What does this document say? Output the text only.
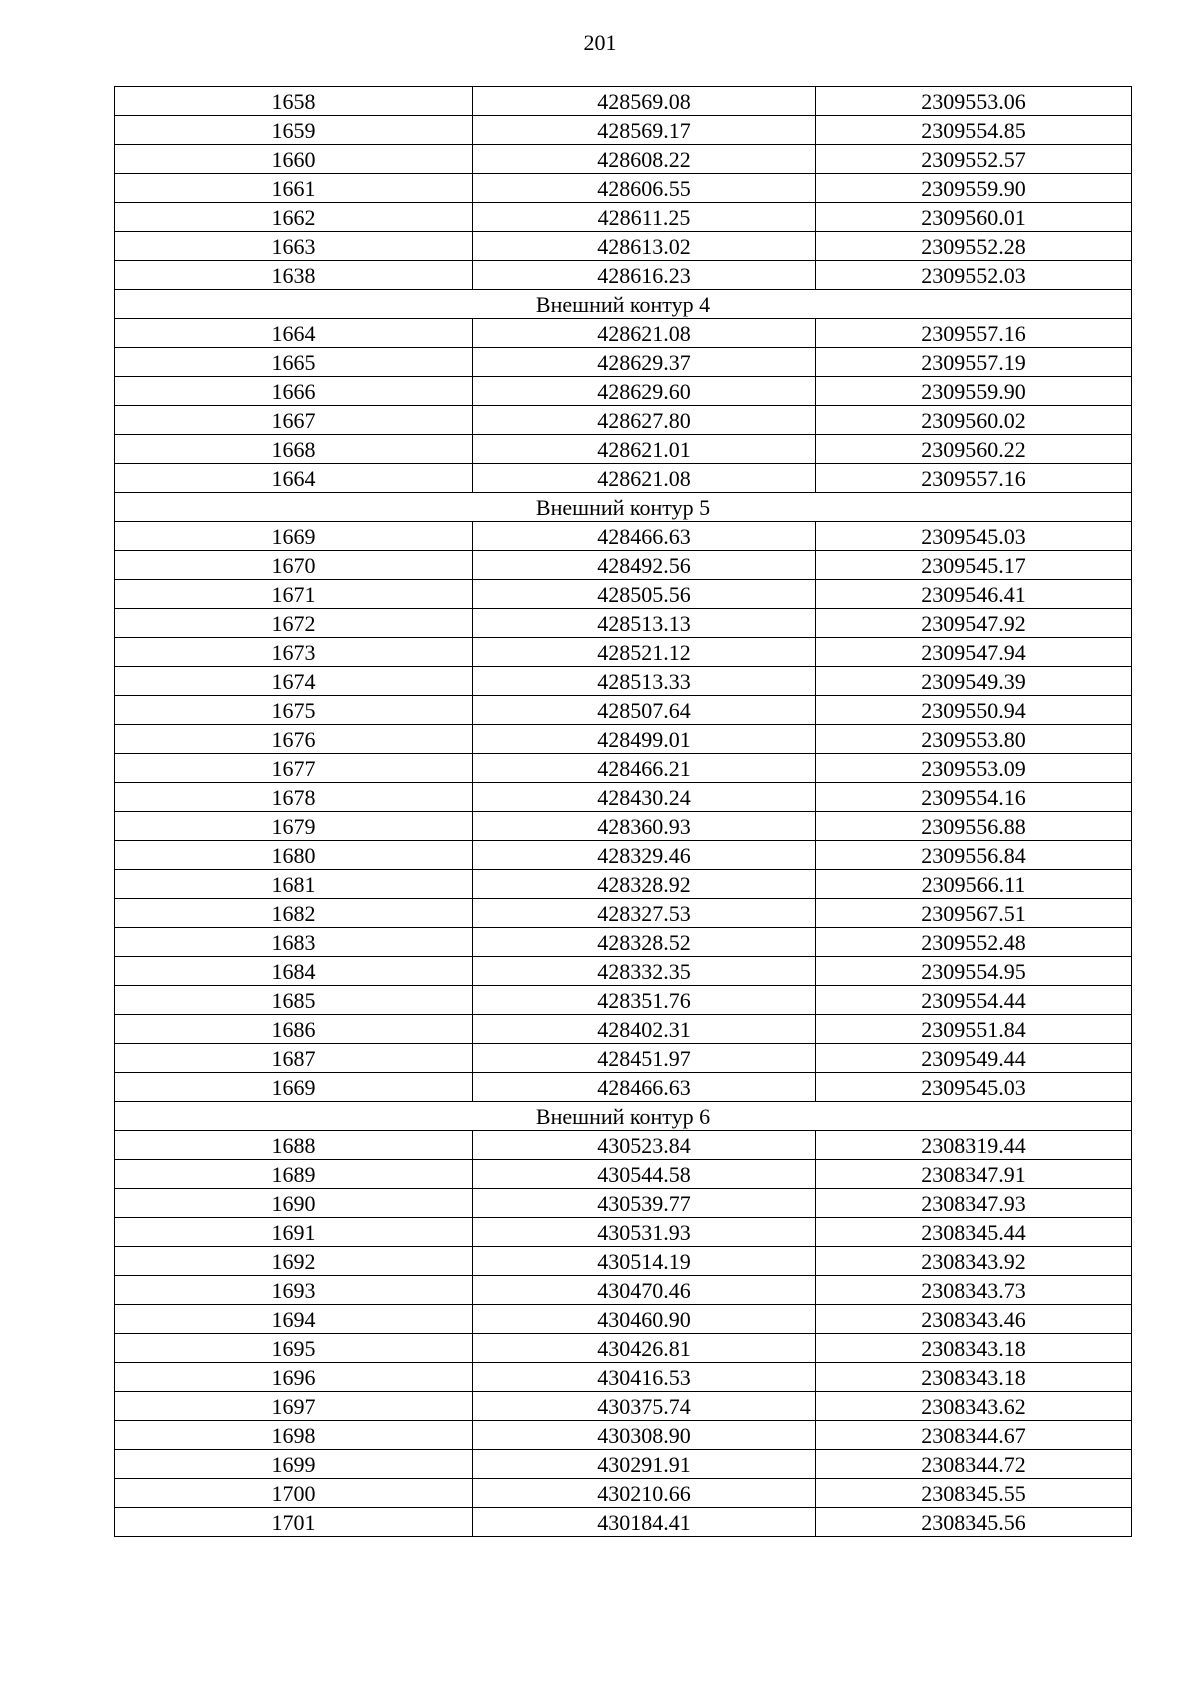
201
1658	428569.08	2309553.06
1659	428569.17	2309554.85
1660	428608.22	2309552.57
1661	428606.55	2309559.90
1662	428611.25	2309560.01
1663	428613.02	2309552.28
1638	428616.23	2309552.03
Внешний контур 4		
1664	428621.08	2309557.16
1665	428629.37	2309557.19
1666	428629.60	2309559.90
1667	428627.80	2309560.02
1668	428621.01	2309560.22
1664	428621.08	2309557.16
Внешний контур 5		
1669	428466.63	2309545.03
1670	428492.56	2309545.17
1671	428505.56	2309546.41
1672	428513.13	2309547.92
1673	428521.12	2309547.94
1674	428513.33	2309549.39
1675	428507.64	2309550.94
1676	428499.01	2309553.80
1677	428466.21	2309553.09
1678	428430.24	2309554.16
1679	428360.93	2309556.88
1680	428329.46	2309556.84
1681	428328.92	2309566.11
1682	428327.53	2309567.51
1683	428328.52	2309552.48
1684	428332.35	2309554.95
1685	428351.76	2309554.44
1686	428402.31	2309551.84
1687	428451.97	2309549.44
1669	428466.63	2309545.03
Внешний контур 6		
1688	430523.84	2308319.44
1689	430544.58	2308347.91
1690	430539.77	2308347.93
1691	430531.93	2308345.44
1692	430514.19	2308343.92
1693	430470.46	2308343.73
1694	430460.90	2308343.46
1695	430426.81	2308343.18
1696	430416.53	2308343.18
1697	430375.74	2308343.62
1698	430308.90	2308344.67
1699	430291.91	2308344.72
1700	430210.66	2308345.55
1701	430184.41	2308345.56
